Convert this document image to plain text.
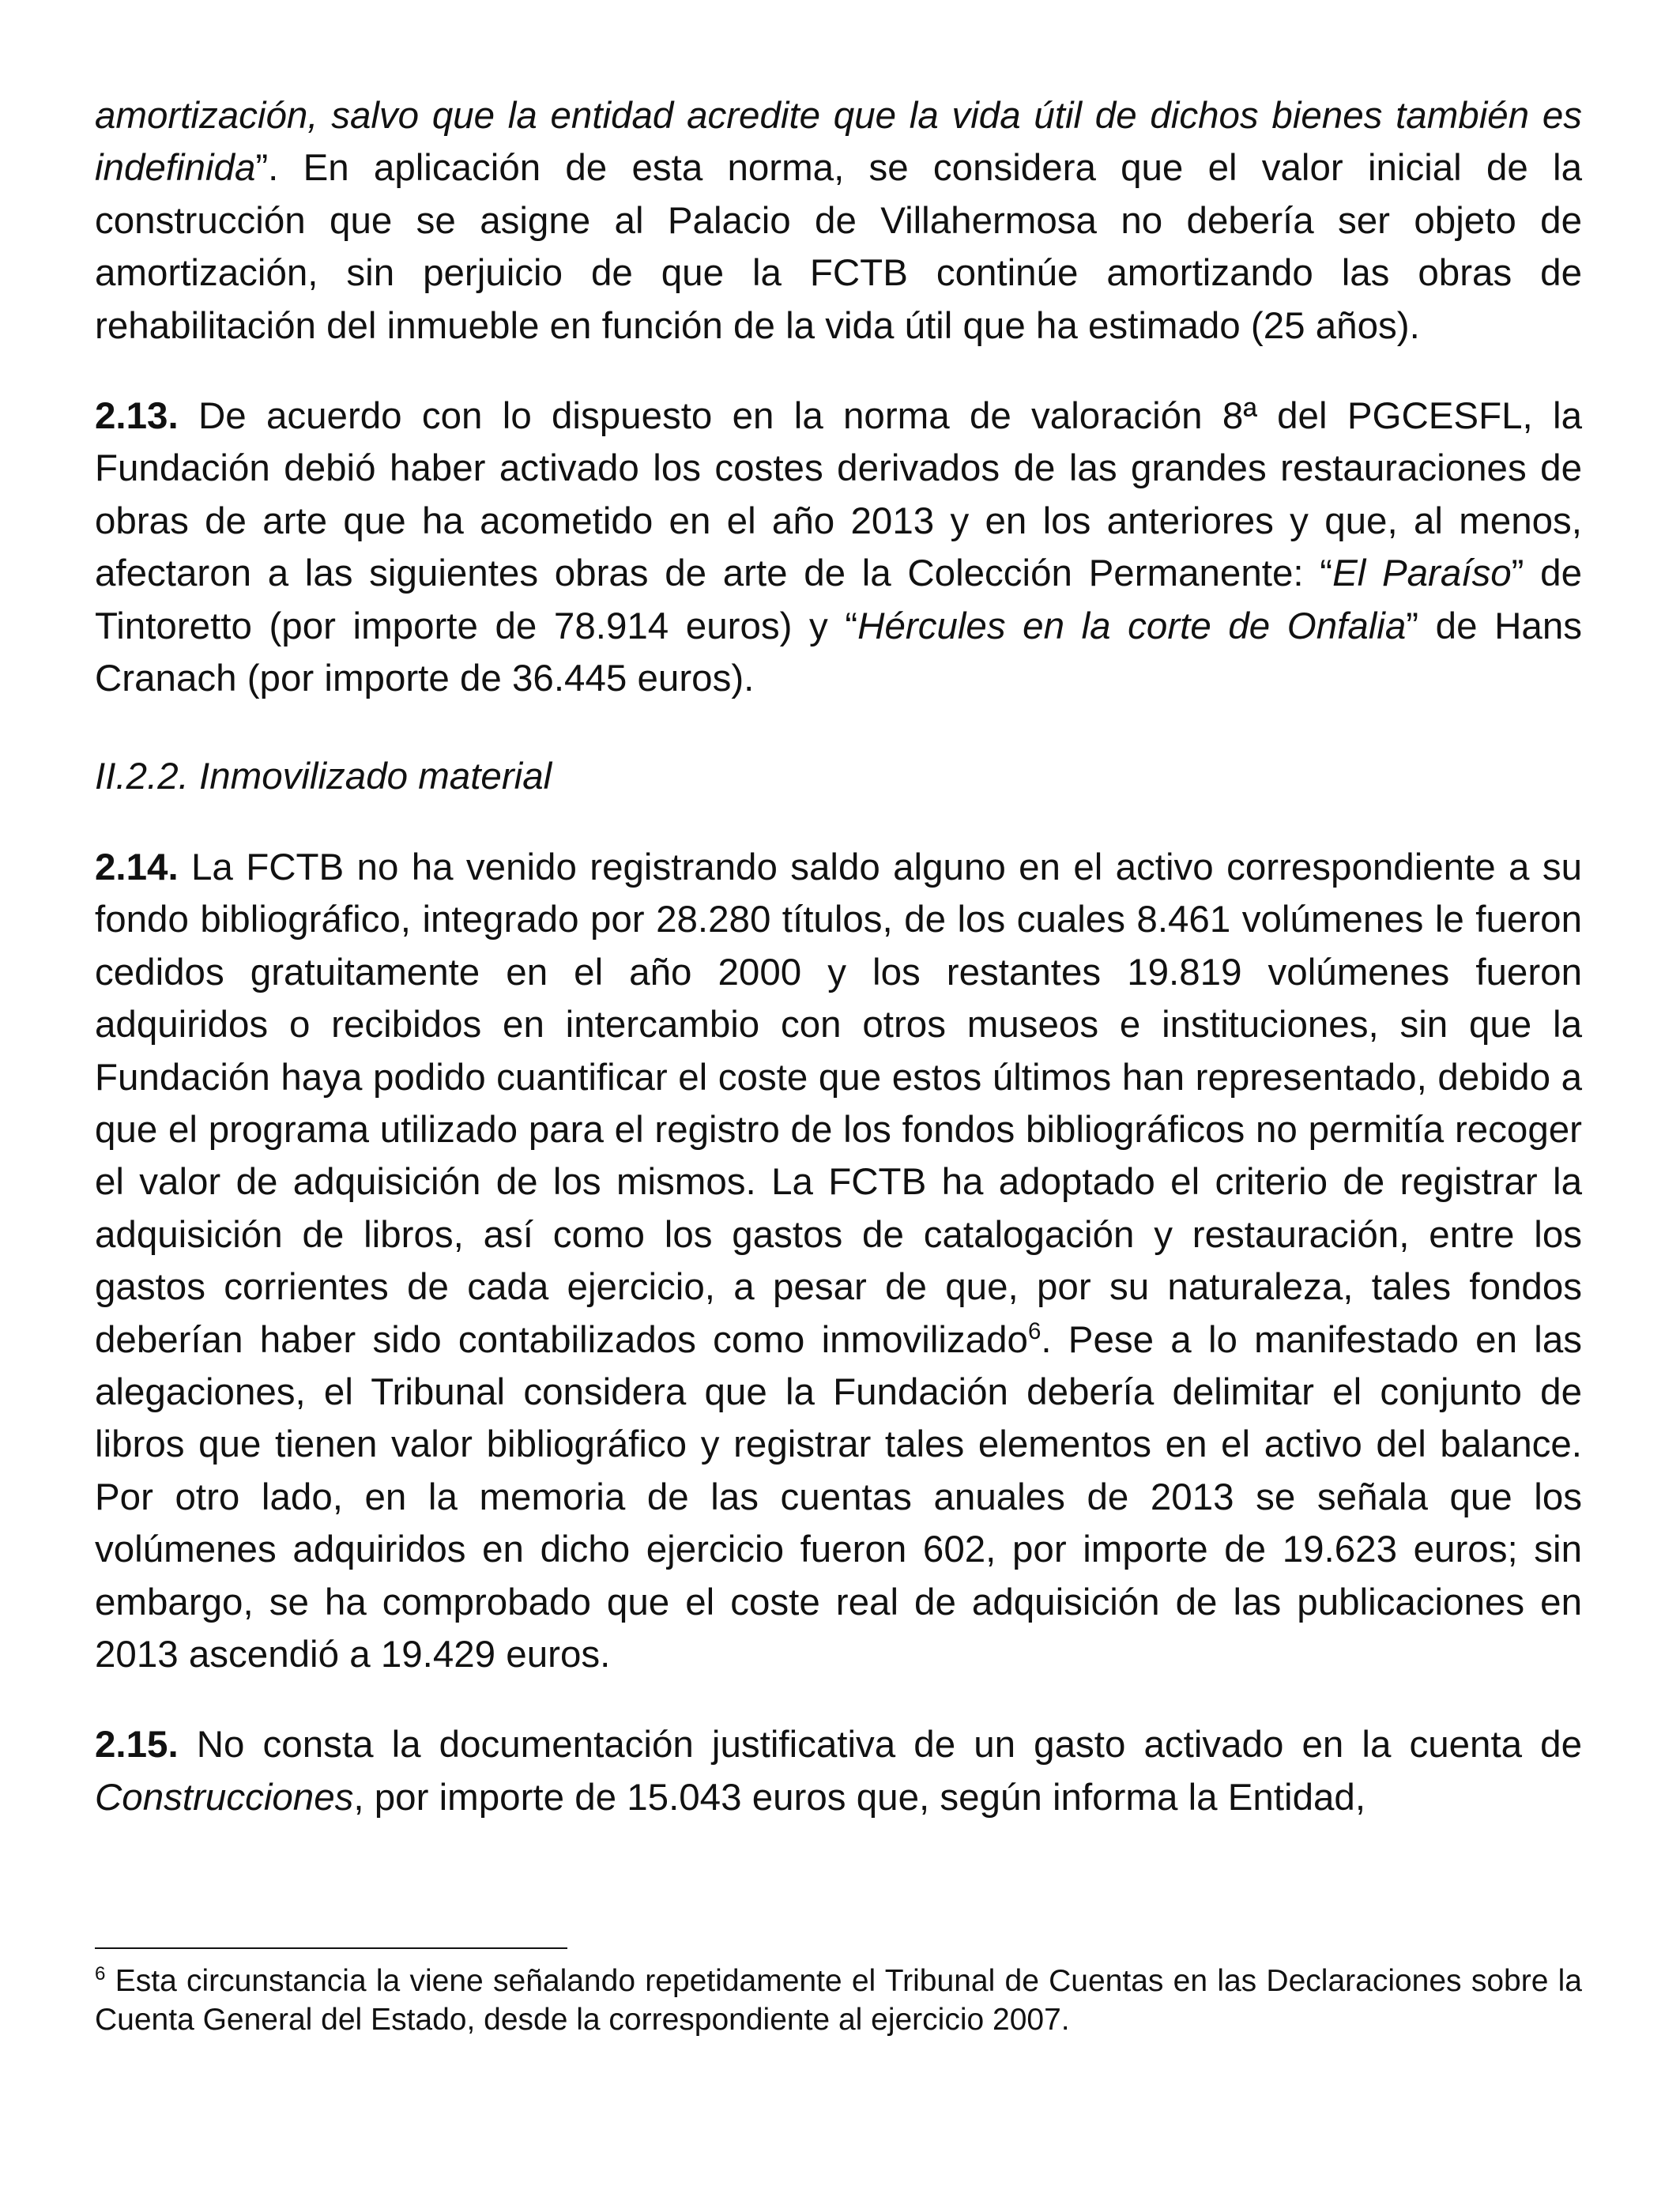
amortización, salvo que la entidad acredite que la vida útil de dichos bienes también es indefinida”. En aplicación de esta norma, se considera que el valor inicial de la construcción que se asigne al Palacio de Villahermosa no debería ser objeto de amortización, sin perjuicio de que la FCTB continúe amortizando las obras de rehabilitación del inmueble en función de la vida útil que ha estimado (25 años).

2.13. De acuerdo con lo dispuesto en la norma de valoración 8ª del PGCESFL, la Fundación debió haber activado los costes derivados de las grandes restauraciones de obras de arte que ha acometido en el año 2013 y en los anteriores y que, al menos, afectaron a las siguientes obras de arte de la Colección Permanente: “El Paraíso” de Tintoretto (por importe de 78.914 euros) y “Hércules en la corte de Onfalia” de Hans Cranach (por importe de 36.445 euros).

II.2.2. Inmovilizado material

2.14. La FCTB no ha venido registrando saldo alguno en el activo correspondiente a su fondo bibliográfico, integrado por 28.280 títulos, de los cuales 8.461 volúmenes le fueron cedidos gratuitamente en el año 2000 y los restantes 19.819 volúmenes fueron adquiridos o recibidos en intercambio con otros museos e instituciones, sin que la Fundación haya podido cuantificar el coste que estos últimos han representado, debido a que el programa utilizado para el registro de los fondos bibliográficos no permitía recoger el valor de adquisición de los mismos. La FCTB ha adoptado el criterio de registrar la adquisición de libros, así como los gastos de catalogación y restauración, entre los gastos corrientes de cada ejercicio, a pesar de que, por su naturaleza, tales fondos deberían haber sido contabilizados como inmovilizado$^6$. Pese a lo manifestado en las alegaciones, el Tribunal considera que la Fundación debería delimitar el conjunto de libros que tienen valor bibliográfico y registrar tales elementos en el activo del balance. Por otro lado, en la memoria de las cuentas anuales de 2013 se señala que los volúmenes adquiridos en dicho ejercicio fueron 602, por importe de 19.623 euros; sin embargo, se ha comprobado que el coste real de adquisición de las publicaciones en 2013 ascendió a 19.429 euros.

2.15. No consta la documentación justificativa de un gasto activado en la cuenta de Construcciones, por importe de 15.043 euros que, según informa la Entidad,

$^6$ Esta circunstancia la viene señalando repetidamente el Tribunal de Cuentas en las Declaraciones sobre la Cuenta General del Estado, desde la correspondiente al ejercicio 2007.
